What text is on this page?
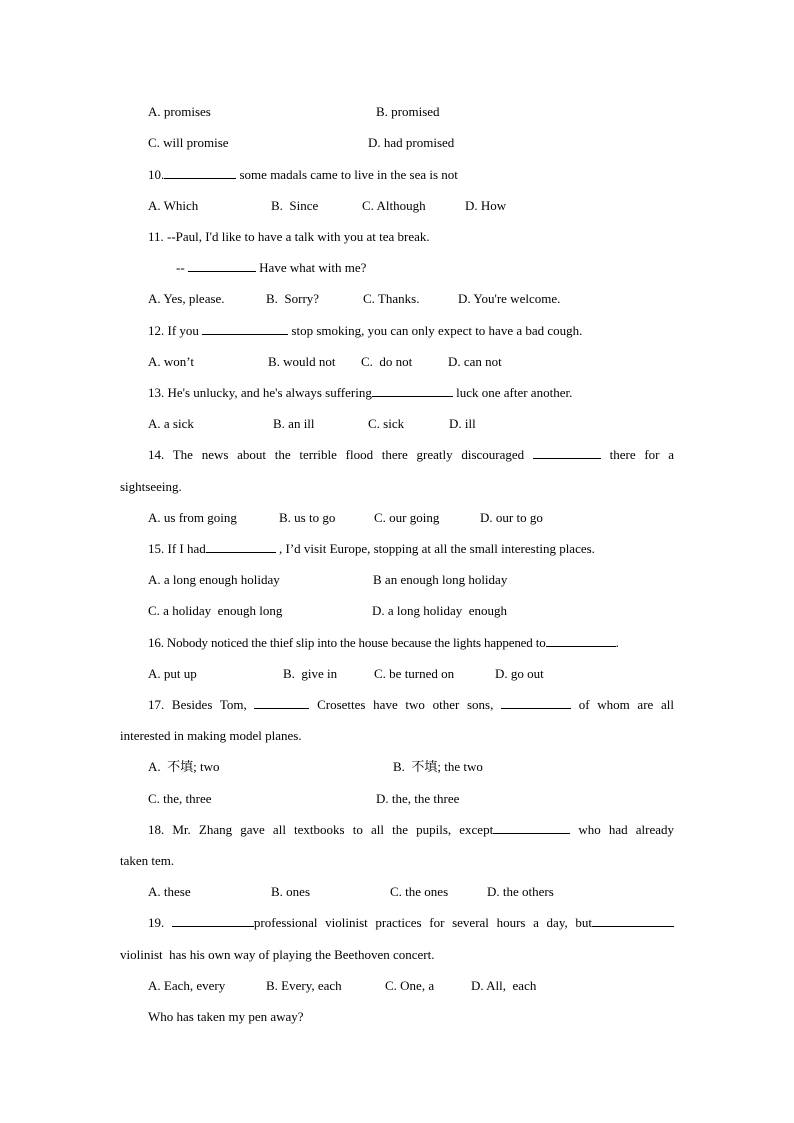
A. promises	B. promised
C. will promise	D. had promised
10.	some madals came to live in the sea is not
A. Which	B.  Since	C. Although	D. How
11. --Paul, I'd like to have a talk with you at tea break.
--	Have what with me?
A. Yes, please.	B.  Sorry?	C. Thanks.	D. You're welcome.
12. If you	stop smoking, you can only expect to have a bad cough.
A. won’t	B. would not C.  do not	D. can not
13. He's unlucky, and he's always suffering	luck one after another.
A. a sick	B. an ill	C. sick	D. ill
14. The news about the terrible flood there greatly discouraged	there for a
sightseeing.
A. us from going	B. us to go	C. our going	D. our to go
15. If I had	, I’d visit Europe, stopping at all the small interesting places.
A. a long enough holiday	B an enough long holiday
C. a holiday  enough long	D. a long holiday  enough
16. Nobody noticed the thief slip into the house because the lights happened to	.
A. put up	B.  give in	C. be turned on	D. go out
17. Besides Tom,	Crosettes have two other sons,	of whom are all
interested in making model planes.
A.  不填; two	B.  不填; the two
C. the, three	D. the, the three
18. Mr. Zhang gave all textbooks to all the pupils, except	who had already
taken tem.
A. these	B. ones	C. the ones	D. the others
19.	professional violinist practices for several hours a day, but
violinist  has his own way of playing the Beethoven concert.
A. Each, every	B. Every, each	C. One, a	D. All,  each
Who has taken my pen away?
